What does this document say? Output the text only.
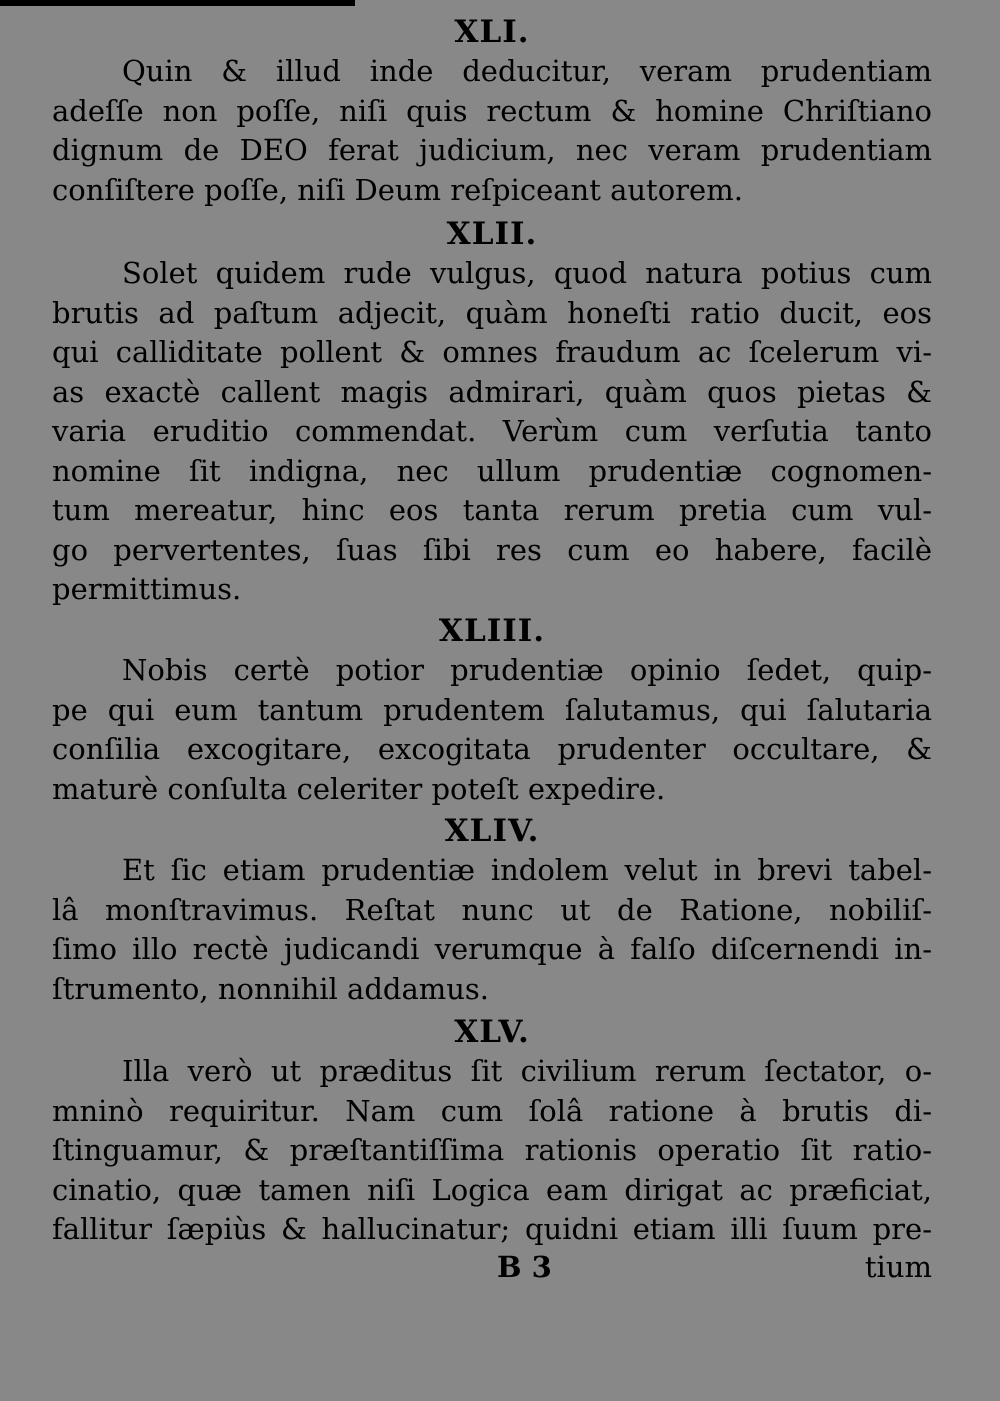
XLI.

Quin & illud inde deducitur, veram prudentiam
adeſſe non poſſe, niſi quis rectum & homine Chriſtiano
dignum de DEO ferat judicium, nec veram prudentiam
conſiſtere poſſe, niſi Deum reſpiceant autorem.

XLII.

Solet quidem rude vulgus, quod natura potius cum
brutis ad paſtum adjecit, quàm honeſti ratio ducit, eos
qui calliditate pollent & omnes fraudum ac ſcelerum vi-
as exactè callent magis admirari, quàm quos pietas &
varia eruditio commendat. Verùm cum verſutia tanto
nomine ſit indigna, nec ullum prudentiæ cognomen-
tum mereatur, hinc eos tanta rerum pretia cum vul-
go pervertentes, ſuas ſibi res cum eo habere, facilè
permittimus.

XLIII.

Nobis certè potior prudentiæ opinio ſedet, quip-
pe qui eum tantum prudentem ſalutamus, qui ſalutaria
conſilia excogitare, excogitata prudenter occultare, &
maturè conſulta celeriter poteſt expedire.

XLIV.

Et ſic etiam prudentiæ indolem velut in brevi tabel-
lâ monſtravimus. Reſtat nunc ut de Ratione, nobiliſ-
ſimo illo rectè judicandi verumque à falſo diſcernendi in-
ſtrumento, nonnihil addamus.

XLV.

Illa verò ut præditus ſit civilium rerum ſectator, o-
mninò requiritur. Nam cum ſolâ ratione à brutis di-
ſtinguamur, & præſtantiſſima rationis operatio ſit ratio-
cinatio, quæ tamen niſi Logica eam dirigat ac præficiat,
fallitur ſæpiùs & hallucinatur; quidni etiam illi ſuum pre-

B 3	tium
